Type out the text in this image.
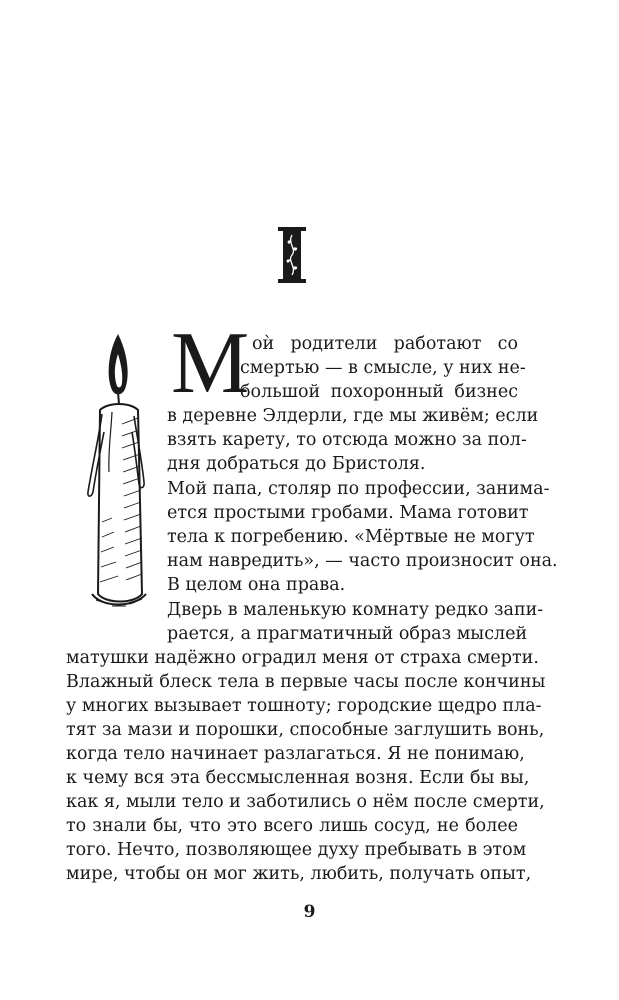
М оѝ родители работают со

смертью — в смысле, у них не-

большой похоронный бизнес

в деревне Элдерли, где мы живём; если

взять карету, то отсюда можно за пол-

дня добраться до Бристоля.

Мой папа, столяр по профессии, занима-

ется простыми гробами. Мама готовит

тела к погребению. «Мёртвые не могут

нам навредить», — часто произносит она.

В целом она права.

Дверь в маленькую комнату редко запи-

рается, а прагматичный образ мыслей

матушки надёжно оградил меня от страха смерти.

Влажный блеск тела в первые часы после кончины

у многих вызывает тошноту; городские щедро пла-

тят за мази и порошки, способные заглушить вонь,

когда тело начинает разлагаться. Я не понимаю,

к чему вся эта бессмысленная возня. Если бы вы,

как я, мыли тело и заботились о нём после смерти,

то знали бы, что это всего лишь сосуд, не более

того. Нечто, позволяющее духу пребывать в этом

мире, чтобы он мог жить, любить, получать опыт,

9
